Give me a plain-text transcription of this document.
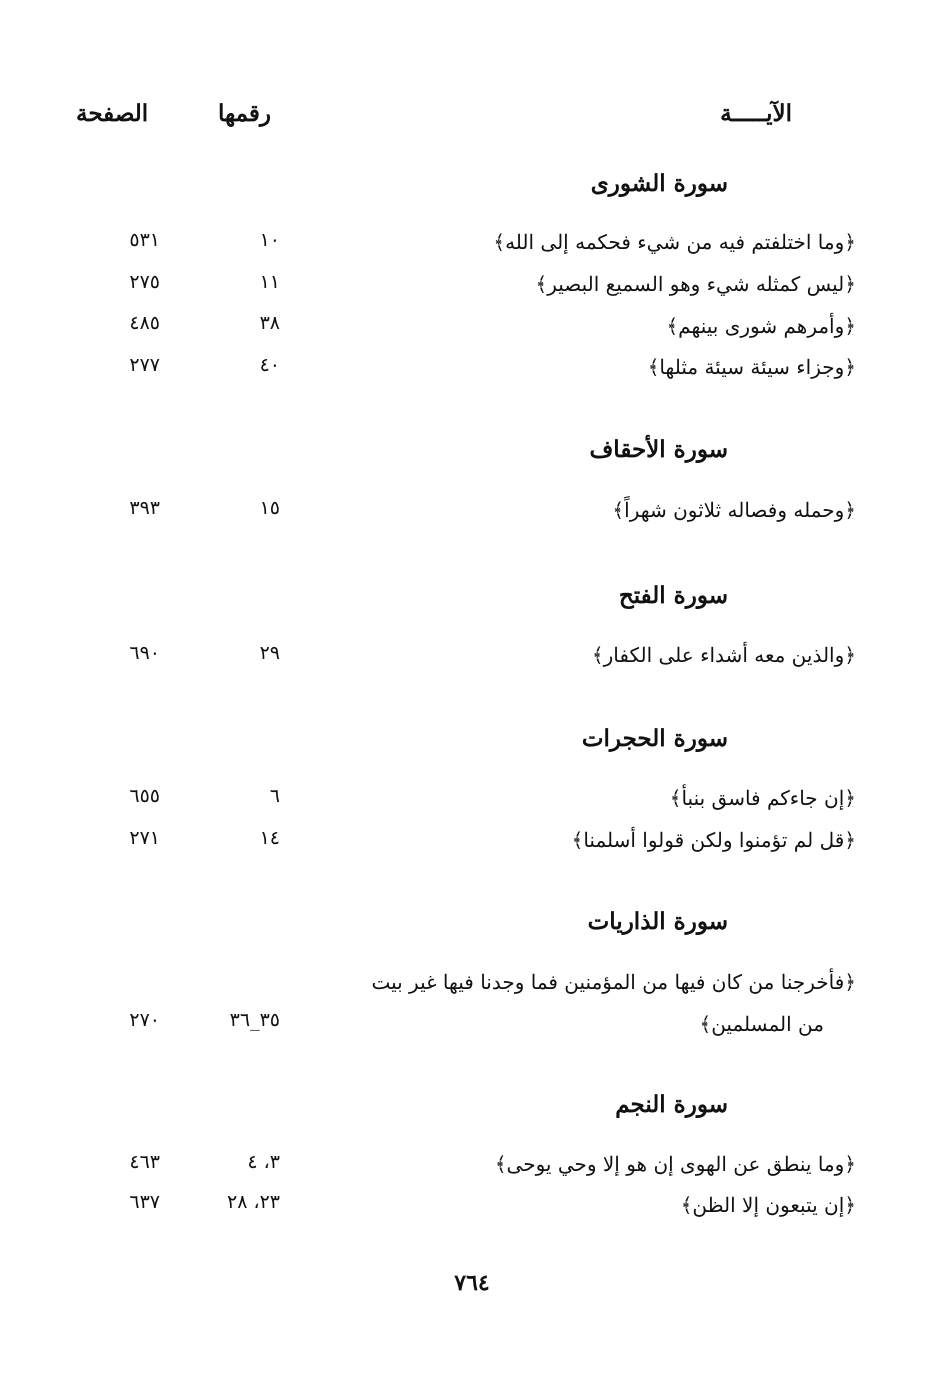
الآيـــــة
رقمها
الصفحة
سورة الشورى
﴿وما اختلفتم فيه من شيء فحكمه إلى الله﴾
١٠
٥٣١
﴿ليس كمثله شيء وهو السميع البصير﴾
١١
٢٧٥
﴿وأمرهم شورى بينهم﴾
٣٨
٤٨٥
﴿وجزاء سيئة سيئة مثلها﴾
٤٠
٢٧٧
سورة الأحقاف
﴿وحمله وفصاله ثلاثون شهراً﴾
١٥
٣٩٣
سورة الفتح
﴿والذين معه أشداء على الكفار﴾
٢٩
٦٩٠
سورة الحجرات
﴿إن جاءكم فاسق بنبأ﴾
٦
٦٥٥
﴿قل لم تؤمنوا ولكن قولوا أسلمنا﴾
١٤
٢٧١
سورة الذاريات
﴿فأخرجنا من كان فيها من المؤمنين فما وجدنا فيها غير بيت
من المسلمين﴾
٣٥_٣٦
٢٧٠
سورة النجم
﴿وما ينطق عن الهوى إن هو إلا وحي يوحى﴾
٣، ٤
٤٦٣
﴿إن يتبعون إلا الظن﴾
٢٣، ٢٨
٦٣٧
٧٦٤
